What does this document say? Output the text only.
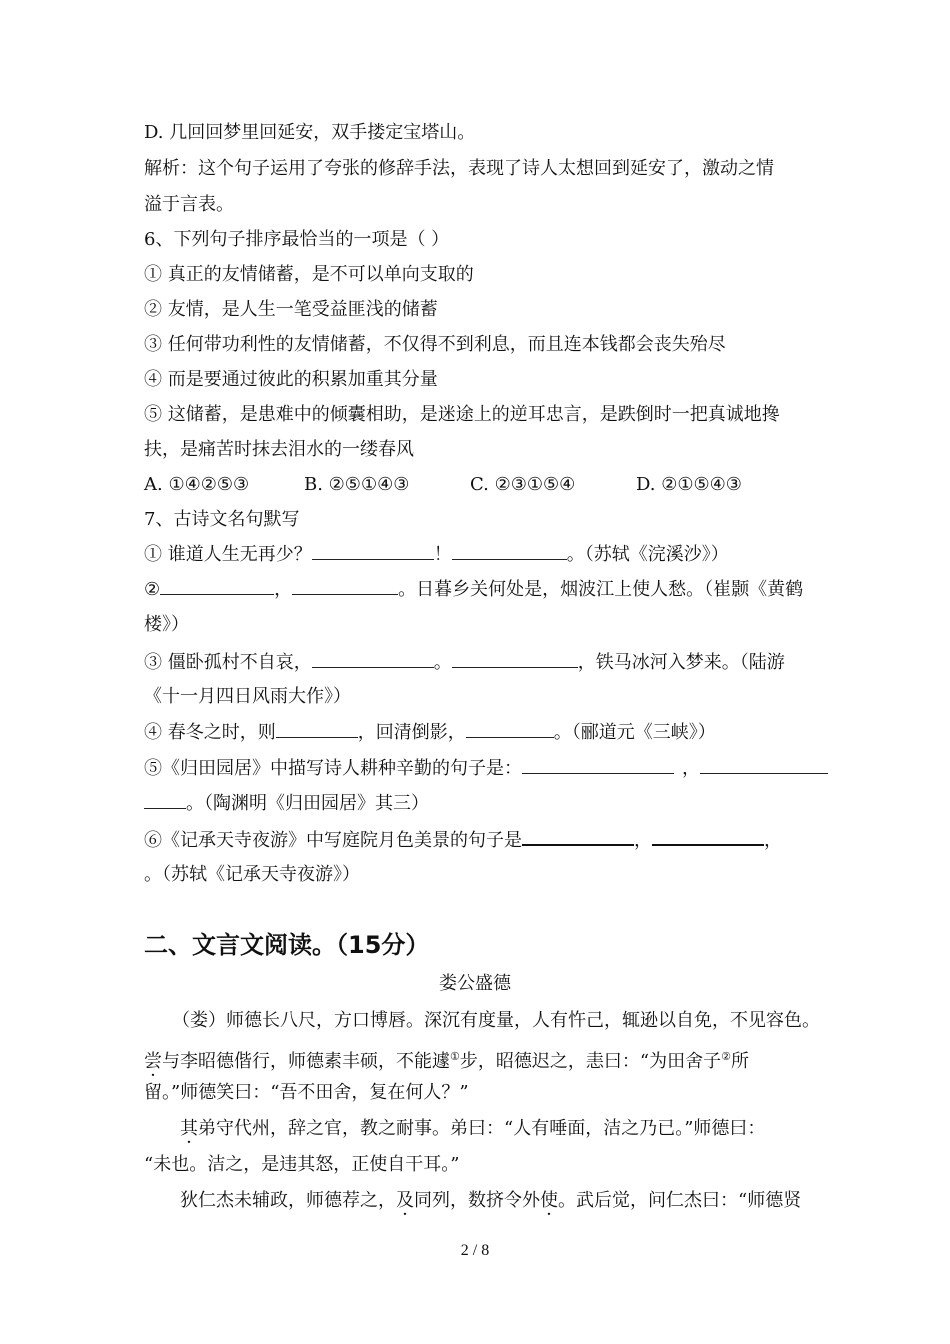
D. 几回回梦里回延安，双手搂定宝塔山。
解析：这个句子运用了夸张的修辞手法，表现了诗人太想回到延安了，激动之情
溢于言表。
6、下列句子排序最恰当的一项是（ ）
① 真正的友情储蓄，是不可以单向支取的
② 友情，是人生一笔受益匪浅的储蓄
③ 任何带功利性的友情储蓄，不仅得不到利息，而且连本钱都会丧失殆尽
④ 而是要通过彼此的积累加重其分量
⑤ 这储蓄，是患难中的倾囊相助，是迷途上的逆耳忠言，是跌倒时一把真诚地搀
扶，是痛苦时抹去泪水的一缕春风
A. ①④②⑤③	B. ②⑤①④③	C. ②③①⑤④	D. ②①⑤④③
7、古诗文名句默写
① 谁道人生无再少？	！	。（苏轼《浣溪沙》）
②	，	。日暮乡关何处是，烟波江上使人愁。（崔颢《黄鹤
楼》）
③ 僵卧孤村不自哀，	。	，铁马冰河入梦来。（陆游
《十一月四日风雨大作》）
④ 春冬之时，则	，回清倒影，	。（郦道元《三峡》）
⑤《归田园居》中描写诗人耕种辛勤的句子是：	，
。（陶渊明《归田园居》其三）
⑥《记承天寺夜游》中写庭院月色美景的句子是	，	，
。（苏轼《记承天寺夜游》）
二、文言文阅读。（15分）
娄公盛德
（娄）师德长八尺，方口博唇。深沉有度量，人有忤己，辄逊以自免，不见容色。
尝与李昭德偕行，师德素丰硕，不能遽①步，昭德迟之，恚曰：“为田舍子②所
留。”师德笑曰：“吾不田舍，复在何人？”
其弟守代州，辞之官，教之耐事。弟曰：“人有唾面，洁之乃已。”师德曰：
“未也。洁之，是违其怒，正使自干耳。”
狄仁杰未辅政，师德荐之，及同列，数挤令外使。武后觉，问仁杰曰：“师德贤
2 / 8
